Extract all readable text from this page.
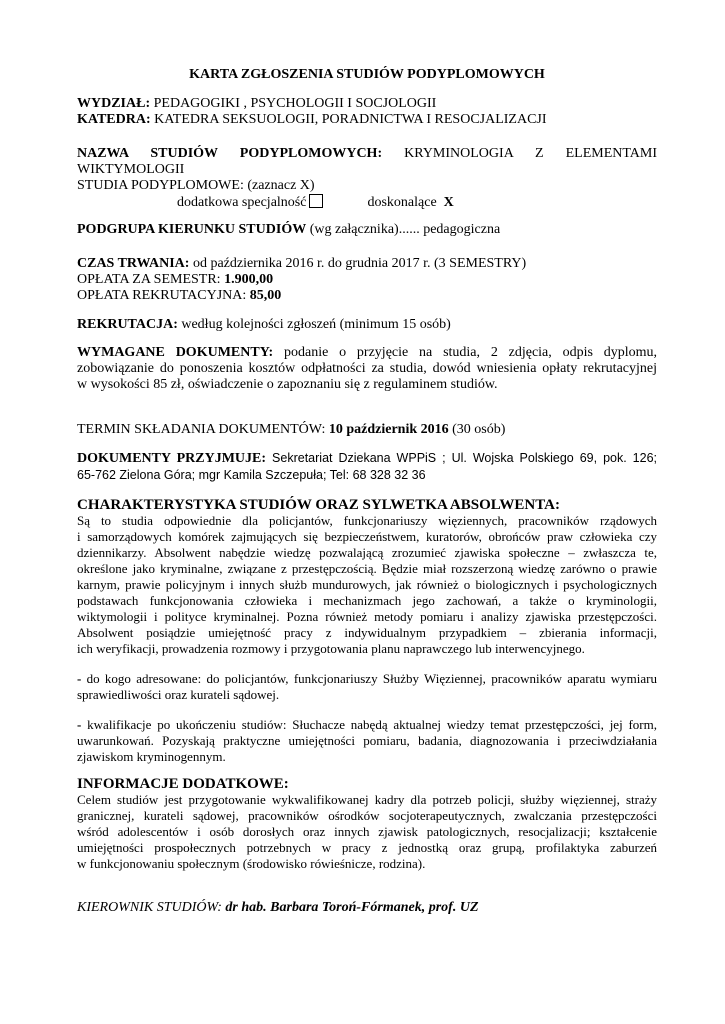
KARTA ZGŁOSZENIA STUDIÓW PODYPLOMOWYCH

WYDZIAŁ: PEDAGOGIKI , PSYCHOLOGII I SOCJOLOGII

KATEDRA: KATEDRA SEKSUOLOGII, PORADNICTWA I RESOCJALIZACJI

NAZWA STUDIÓW PODYPLOMOWYCH: KRYMINOLOGIA Z ELEMENTAMI

WIKTYMOLOGII

STUDIA PODYPLOMOWE: (zaznacz X)

dodatkowa specjalność	doskonalące X

PODGRUPA KIERUNKU STUDIÓW (wg załącznika)...... pedagogiczna

CZAS TRWANIA: od października 2016 r. do grudnia 2017 r. (3 SEMESTRY)

OPŁATA ZA SEMESTR: 1.900,00

OPŁATA REKRUTACYJNA: 85,00

REKRUTACJA: według kolejności zgłoszeń (minimum 15 osób)

WYMAGANE DOKUMENTY: podanie o przyjęcie na studia, 2 zdjęcia, odpis dyplomu,

zobowiązanie do ponoszenia kosztów odpłatności za studia, dowód wniesienia opłaty rekrutacyjnej

w wysokości 85 zł, oświadczenie o zapoznaniu się z regulaminem studiów.

TERMIN SKŁADANIA DOKUMENTÓW: 10 październik 2016 (30 osób)

DOKUMENTY PRZYJMUJE: Sekretariat Dziekana WPPiS ; Ul. Wojska Polskiego 69, pok. 126;

65-762 Zielona Góra; mgr Kamila Szczepuła; Tel: 68 328 32 36

CHARAKTERYSTYKA STUDIÓW ORAZ SYLWETKA ABSOLWENTA:

Są to studia odpowiednie dla policjantów, funkcjonariuszy więziennych, pracowników rządowych

i samorządowych komórek zajmujących się bezpieczeństwem, kuratorów, obrońców praw człowieka czy

dziennikarzy. Absolwent nabędzie wiedzę pozwalającą zrozumieć zjawiska społeczne – zwłaszcza te,

określone jako kryminalne, związane z przestępczością. Będzie miał rozszerzoną wiedzę zarówno o prawie

karnym, prawie policyjnym i innych służb mundurowych, jak również o biologicznych i psychologicznych

podstawach funkcjonowania człowieka i mechanizmach jego zachowań, a także o kryminologii,

wiktymologii i polityce kryminalnej. Pozna również metody pomiaru i analizy zjawiska przestępczości.

Absolwent posiądzie umiejętność pracy z indywidualnym przypadkiem – zbierania informacji,

ich weryfikacji, prowadzenia rozmowy i przygotowania planu naprawczego lub interwencyjnego.

- do kogo adresowane: do policjantów, funkcjonariuszy Służby Więziennej, pracowników aparatu wymiaru

sprawiedliwości oraz kurateli sądowej.

- kwalifikacje po ukończeniu studiów: Słuchacze nabędą aktualnej wiedzy temat przestępczości, jej form,

uwarunkowań. Pozyskają praktyczne umiejętności pomiaru, badania, diagnozowania i przeciwdziałania

zjawiskom kryminogennym.

INFORMACJE DODATKOWE:

Celem studiów jest przygotowanie wykwalifikowanej kadry dla potrzeb policji, służby więziennej, straży

granicznej, kurateli sądowej, pracowników ośrodków socjoterapeutycznych, zwalczania przestępczości

wśród adolescentów i osób dorosłych oraz innych zjawisk patologicznych, resocjalizacji; kształcenie

umiejętności prospołecznych potrzebnych w pracy z jednostką oraz grupą, profilaktyka zaburzeń

w funkcjonowaniu społecznym (środowisko rówieśnicze, rodzina).

KIEROWNIK STUDIÓW: dr hab. Barbara Toroń-Fórmanek, prof. UZ
